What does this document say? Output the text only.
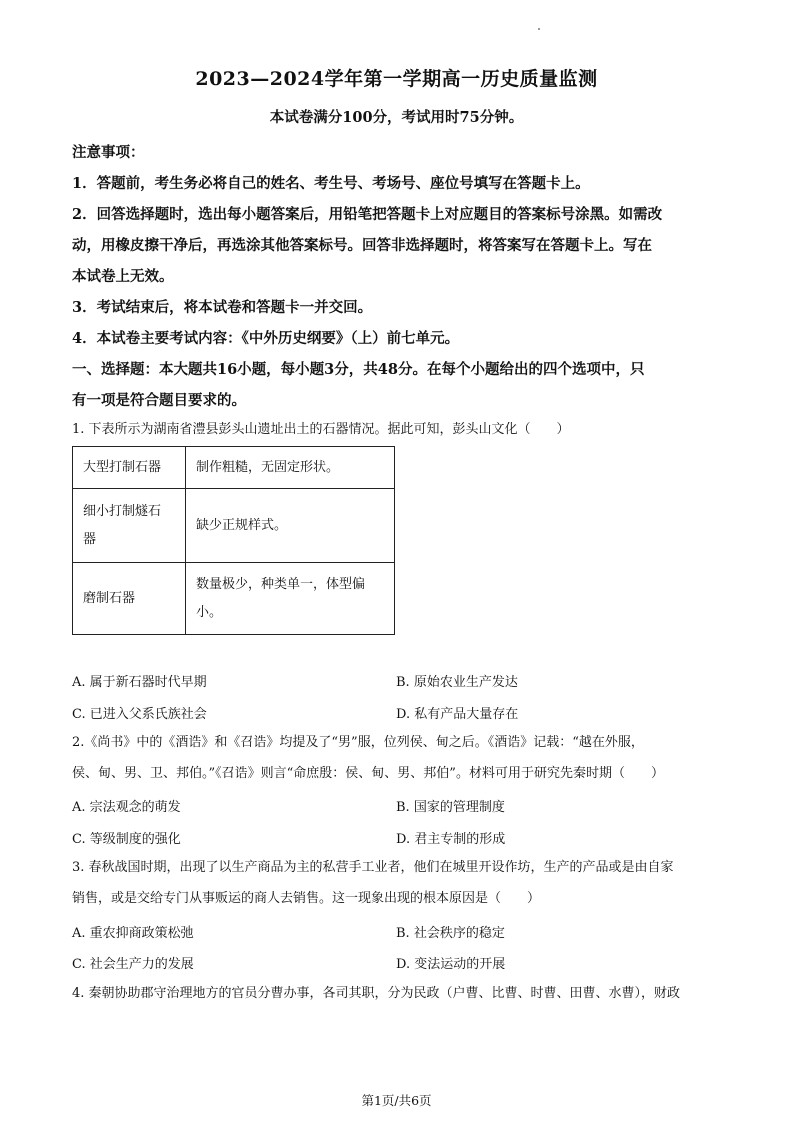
2023—2024学年第一学期高一历史质量监测
本试卷满分100分，考试用时75分钟。

注意事项：

1．答题前，考生务必将自己的姓名、考生号、考场号、座位号填写在答题卡上。

2．回答选择题时，选出每小题答案后，用铅笔把答题卡上对应题目的答案标号涂黑。如需改

动，用橡皮擦干净后，再选涂其他答案标号。回答非选择题时，将答案写在答题卡上。写在

本试卷上无效。

3．考试结束后，将本试卷和答题卡一并交回。

4．本试卷主要考试内容：《中外历史纲要》（上）前七单元。

一、选择题：本大题共16小题，每小题3分，共48分。在每个小题给出的四个选项中，只

有一项是符合题目要求的。

1. 下表所示为湖南省澧县彭头山遗址出土的石器情况。据此可知，彭头山文化（　　）

大型打制石器	制作粗糙，无固定形状。

细小打制燧石
器	缺少正规样式。
磨制石器	数量极少，种类单一，体型偏
小。
A. 属于新石器时代早期	B. 原始农业生产发达
C. 已进入父系氏族社会	D. 私有产品大量存在

2.《尚书》中的《酒诰》和《召诰》均提及了“男”服，位列侯、甸之后。《酒诰》记载：“越在外服，

侯、甸、男、卫、邦伯。”《召诰》则言“命庶殷：侯、甸、男、邦伯”。材料可用于研究先秦时期（　　）

A. 宗法观念的萌发	B. 国家的管理制度
C. 等级制度的强化	D. 君主专制的形成

3. 春秋战国时期，出现了以生产商品为主的私营手工业者，他们在城里开设作坊，生产的产品或是由自家

销售，或是交给专门从事贩运的商人去销售。这一现象出现的根本原因是（　　）

A. 重农抑商政策松弛	B. 社会秩序的稳定
C. 社会生产力的发展	D. 变法运动的开展

4. 秦朝协助郡守治理地方的官员分曹办事，各司其职，分为民政（户曹、比曹、时曹、田曹、水曹），财政

第1页/共6页
